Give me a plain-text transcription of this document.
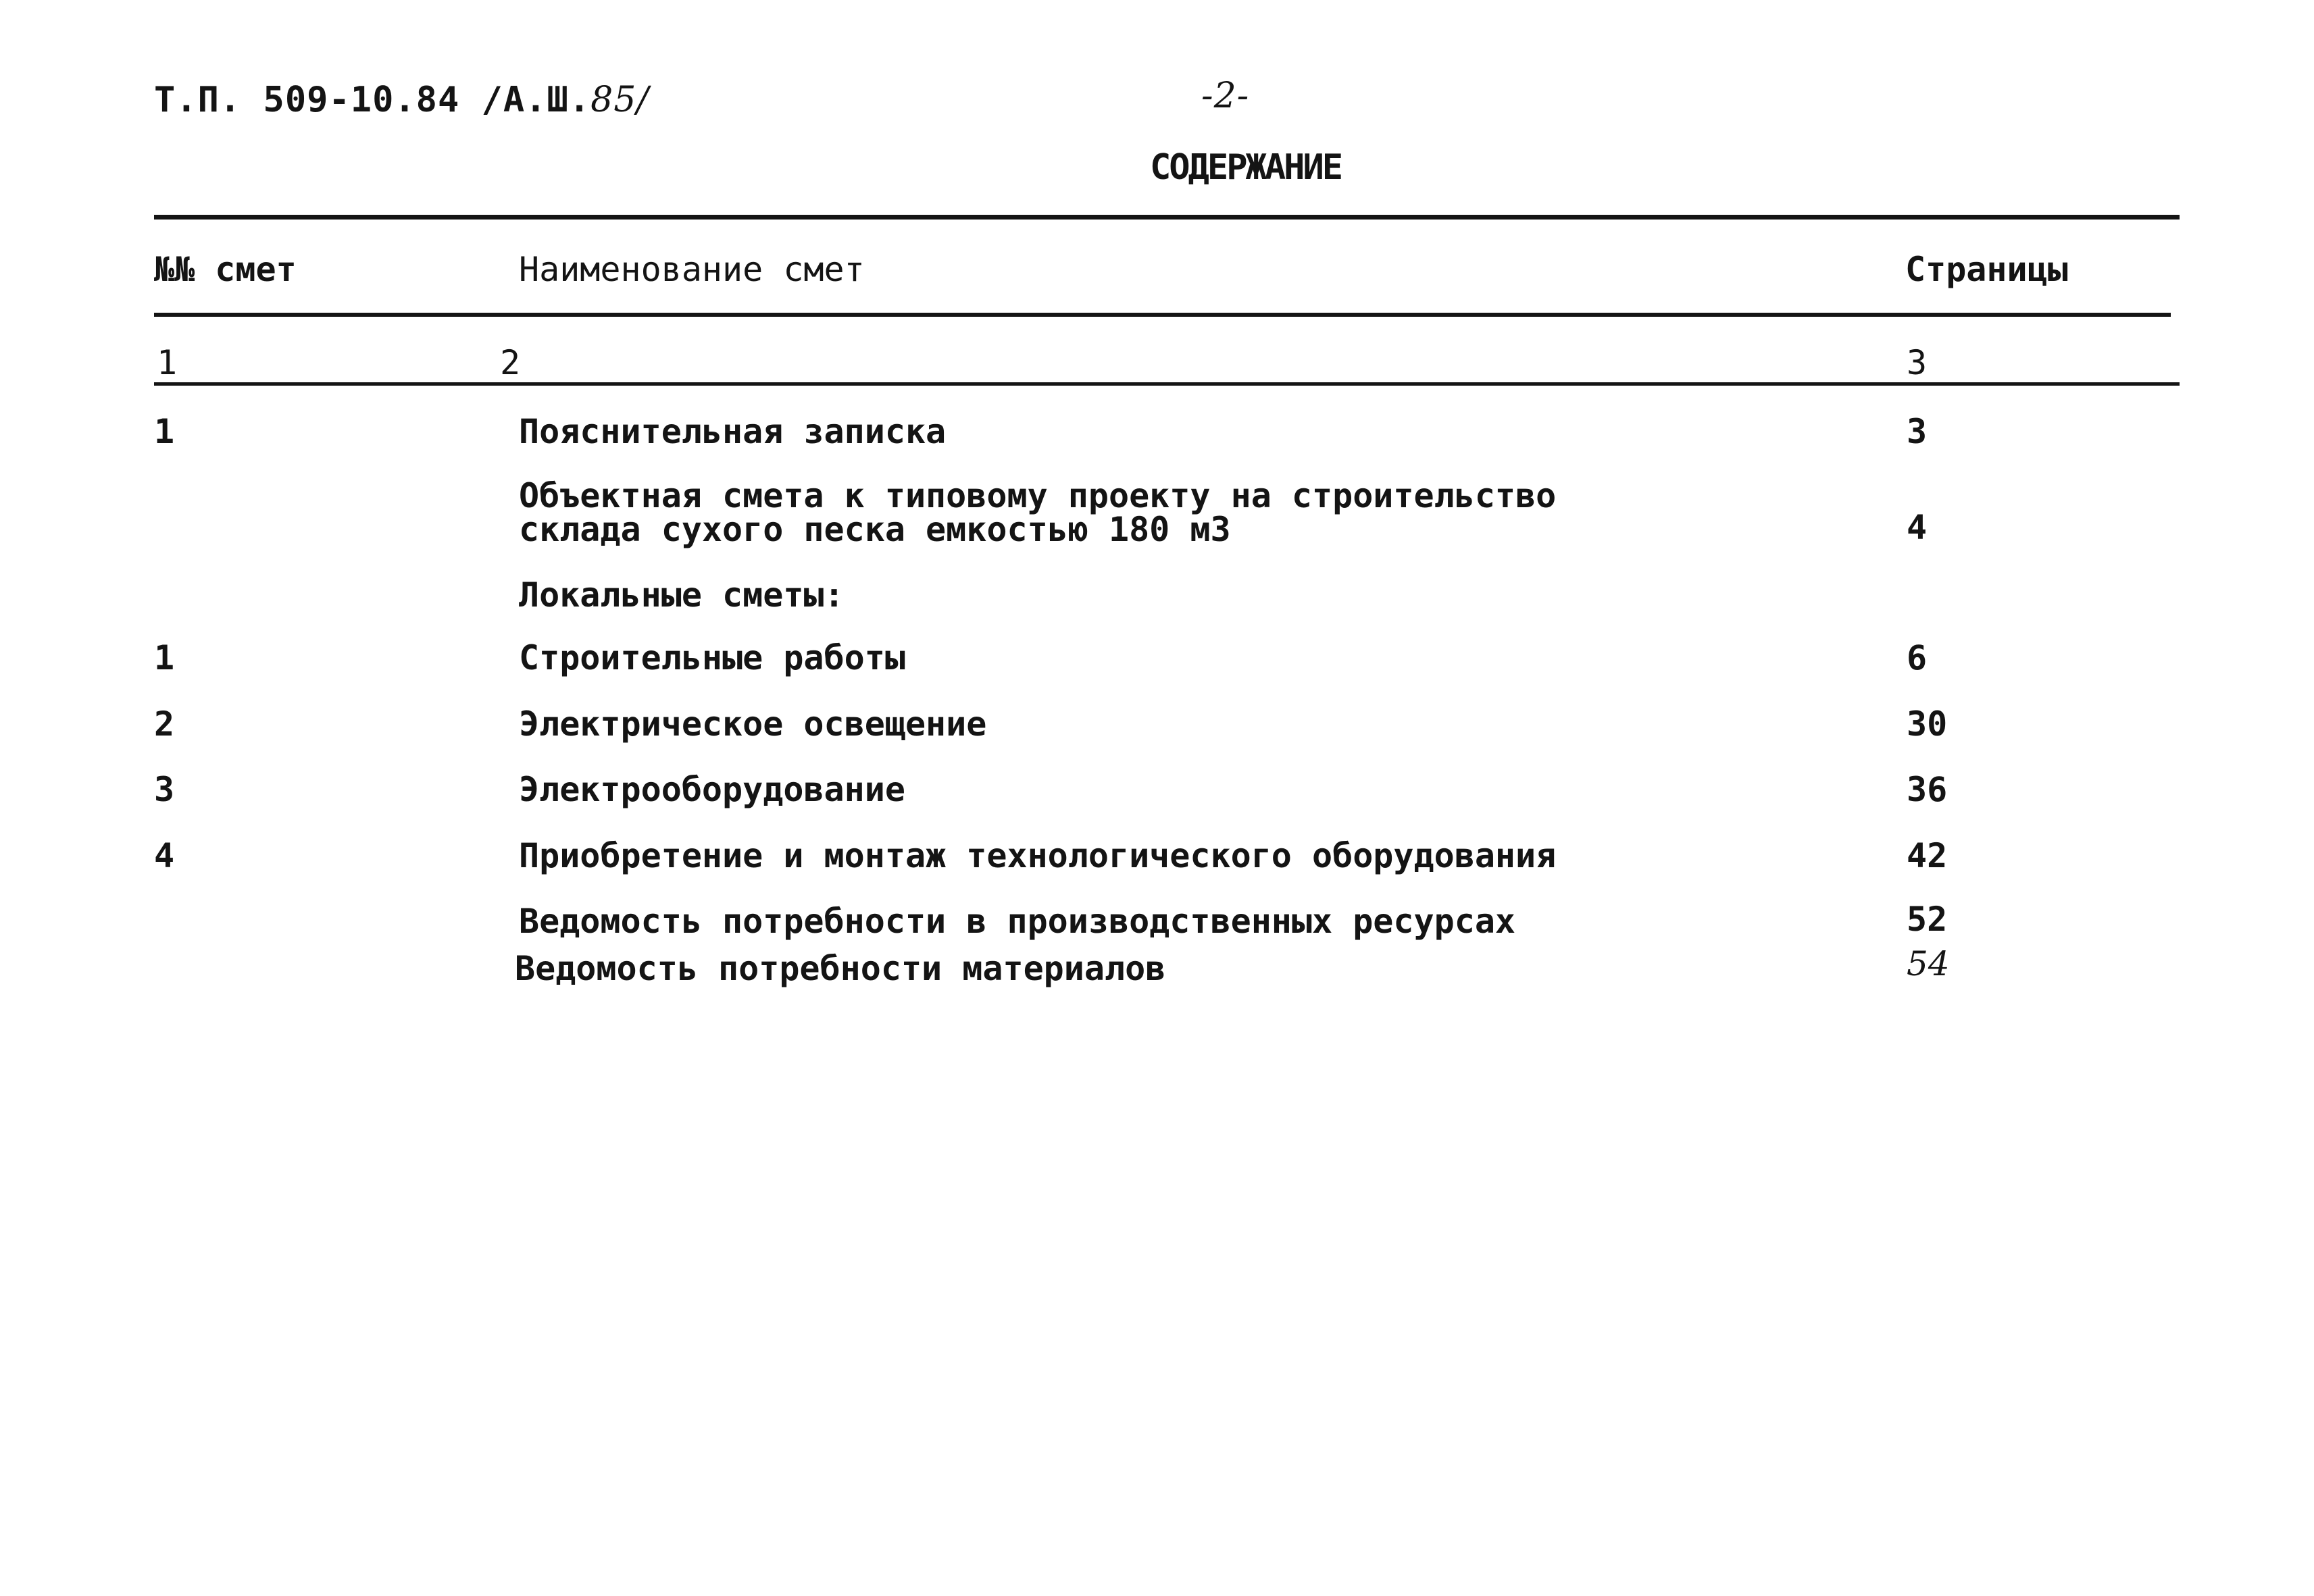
Т.П. 509-10.84 /А.Ш.85/	-2-
СОДЕРЖАНИЕ
№№ смет	Наименование смет	Страницы
1	2	3
1	Пояснительная записка	3
Объектная смета к типовому проекту на строительство
склада сухого песка емкостью 180 м3	4
Локальные сметы:
1	Строительные работы	6
2	Электрическое освещение	30
3	Электрооборудование	36
4	Приобретение и монтаж технологического оборудования	42
Ведомость потребности в производственных ресурсах	52
Ведомость потребности материалов	54
